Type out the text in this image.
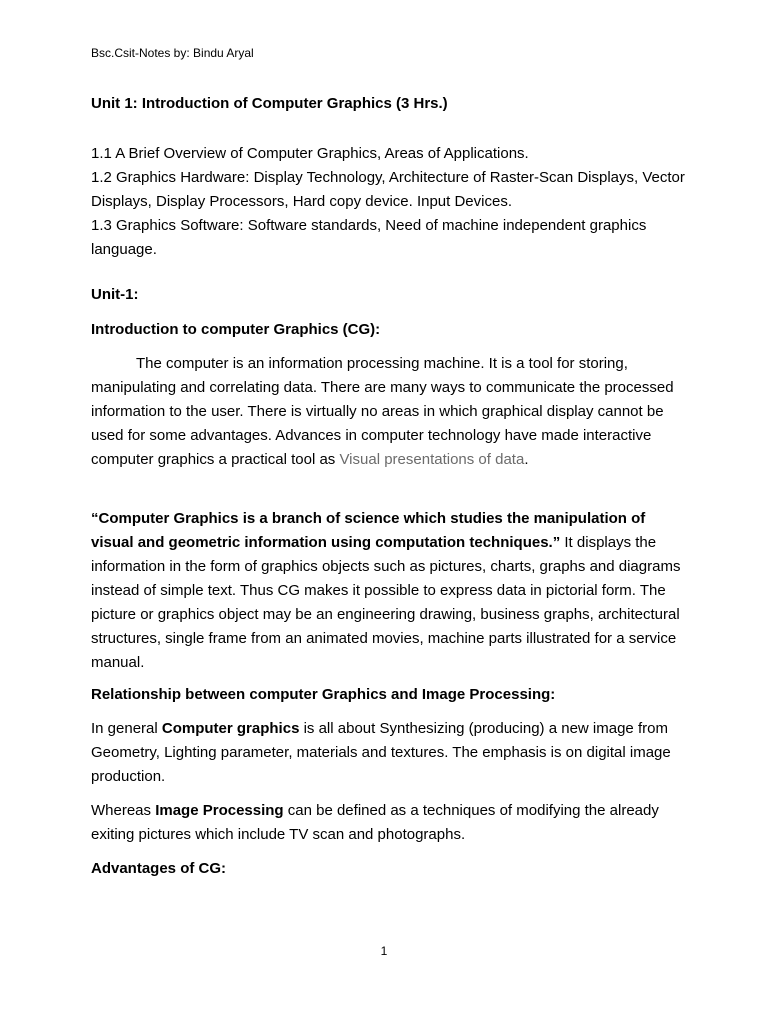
Bsc.Csit-Notes by: Bindu Aryal
Unit 1: Introduction of Computer Graphics (3 Hrs.)
1.1 A Brief Overview of Computer Graphics, Areas of Applications.
1.2 Graphics Hardware: Display Technology, Architecture of Raster-Scan Displays, Vector Displays, Display Processors, Hard copy device. Input Devices.
1.3 Graphics Software: Software standards, Need of machine independent graphics language.
Unit-1:
Introduction to computer Graphics (CG):

The computer is an information processing machine. It is a tool for storing, manipulating and correlating data. There are many ways to communicate the processed information to the user. There is virtually no areas in which graphical display cannot be used for some advantages. Advances in computer technology have made interactive computer graphics a practical tool as Visual presentations of data.

“Computer Graphics is a branch of science which studies the manipulation of visual and geometric information using computation techniques.” It displays the information in the form of graphics objects such as pictures, charts, graphs and diagrams instead of simple text. Thus CG makes it possible to express data in pictorial form. The picture or graphics object may be an engineering drawing, business graphs, architectural structures, single frame from an animated movies, machine parts illustrated for a service manual.

Relationship between computer Graphics and Image Processing:

In general Computer graphics is all about Synthesizing (producing) a new image from Geometry, Lighting parameter, materials and textures. The emphasis is on digital image production.

Whereas Image Processing can be defined as a techniques of modifying the already exiting pictures which include TV scan and photographs.

Advantages of CG:
1
